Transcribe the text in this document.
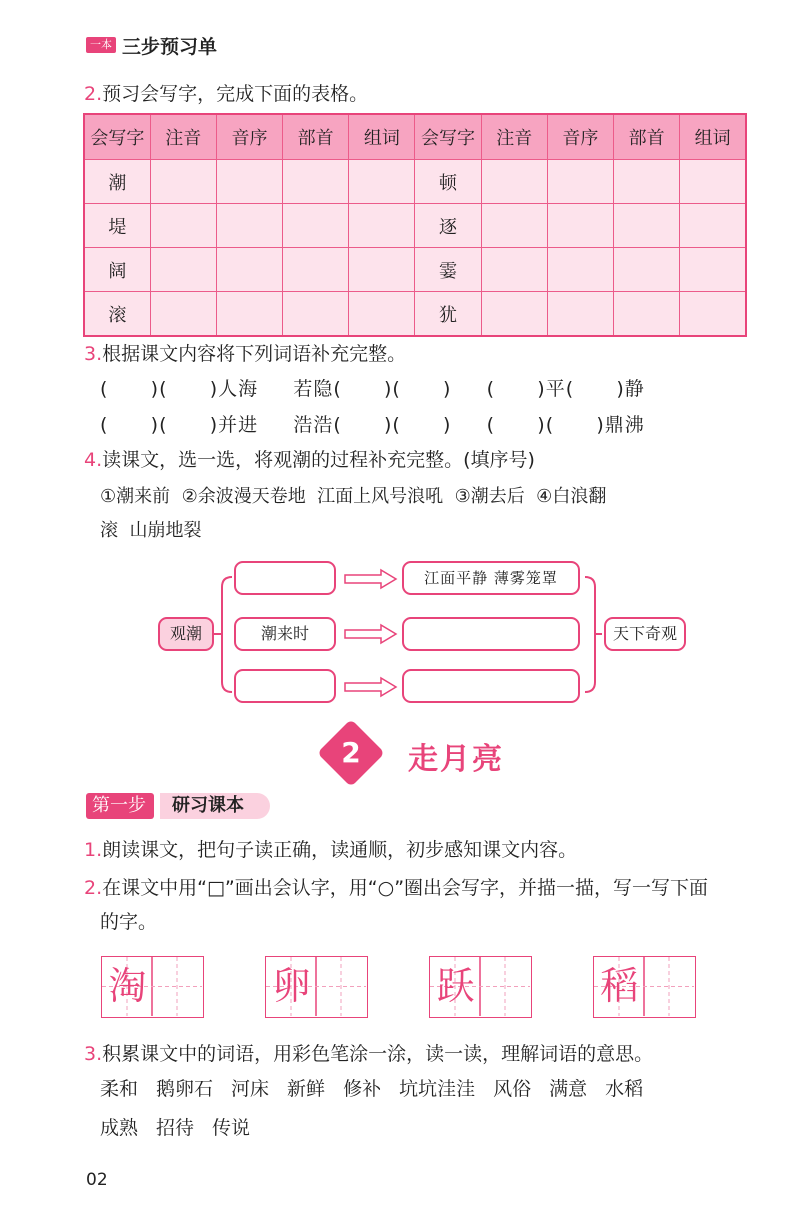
一本 三步预习单
2.预习会写字，完成下面的表格。
会写字	注音	音序	部首	组词	会写字	注音	音序	部首	组词
潮					顿				
堤					逐				
阔					霎				
滚					犹				
3.根据课文内容将下列词语补充完整。
(      )(      )人海     若隐(      )(      )     (      )平(      )静
(      )(      )并进     浩浩(      )(      )     (      )(      )鼎沸
4.读课文，选一选，将观潮的过程补充完整。(填序号)
①潮来前  ②余波漫天卷地  江面上风号浪吼  ③潮去后  ④白浪翻
滚  山崩地裂
观潮	潮来时
江面平静 薄雾笼罩
天下奇观
2	走月亮
研习课本
第一步
1.朗读课文，把句子读正确，读通顺，初步感知课文内容。
2.在课文中用“□”画出会认字，用“○”圈出会写字，并描一描，写一写下面
的字。
淘	卵	跃	稻
3.积累课文中的词语，用彩色笔涂一涂，读一读，理解词语的意思。
柔和 鹅卵石 河床 新鲜 修补 坑坑洼洼 风俗 满意 水稻
成熟 招待 传说
02
